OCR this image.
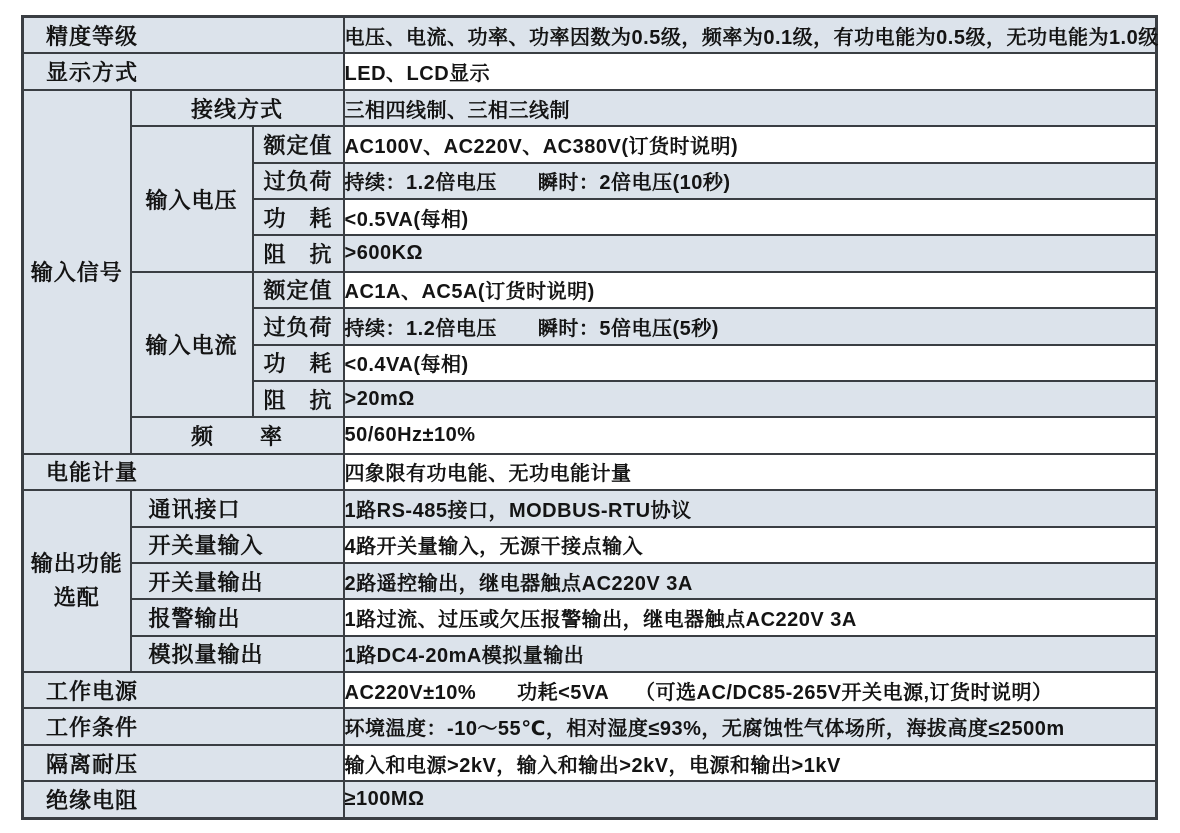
精度等级			电压、电流、功率、功率因数为0.5级，频率为0.1级，有功电能为0.5级，无功电能为1.0级
显示方式			LED、LCD显示
输入信号	接线方式		三相四线制、三相三线制
	输入电压	额定值	AC100V、AC220V、AC380V(订货时说明)
		过负荷	持续：1.2倍电压　　瞬时：2倍电压(10秒)
		功　耗	<0.5VA(每相)
		阻　抗	>600KΩ
	输入电流	额定值	AC1A、AC5A(订货时说明)
		过负荷	持续：1.2倍电压　　瞬时：5倍电压(5秒)
		功　耗	<0.4VA(每相)
		阻　抗	>20mΩ
	频　　率		50/60Hz±10%
电能计量			四象限有功电能、无功电能计量
输出功能选配	通讯接口		1路RS-485接口，MODBUS-RTU协议
	开关量输入		4路开关量输入，无源干接点输入
	开关量输出		2路遥控输出，继电器触点AC220V 3A
	报警输出		1路过流、过压或欠压报警输出，继电器触点AC220V 3A
	模拟量输出		1路DC4-20mA模拟量输出
工作电源			AC220V±10%　　功耗<5VA　 （可选AC/DC85-265V开关电源,订货时说明）
工作条件			环境温度：-10～55℃，相对湿度≤93%，无腐蚀性气体场所，海拔高度≤2500m
隔离耐压			输入和电源>2kV，输入和输出>2kV，电源和输出>1kV
绝缘电阻			≥100MΩ
